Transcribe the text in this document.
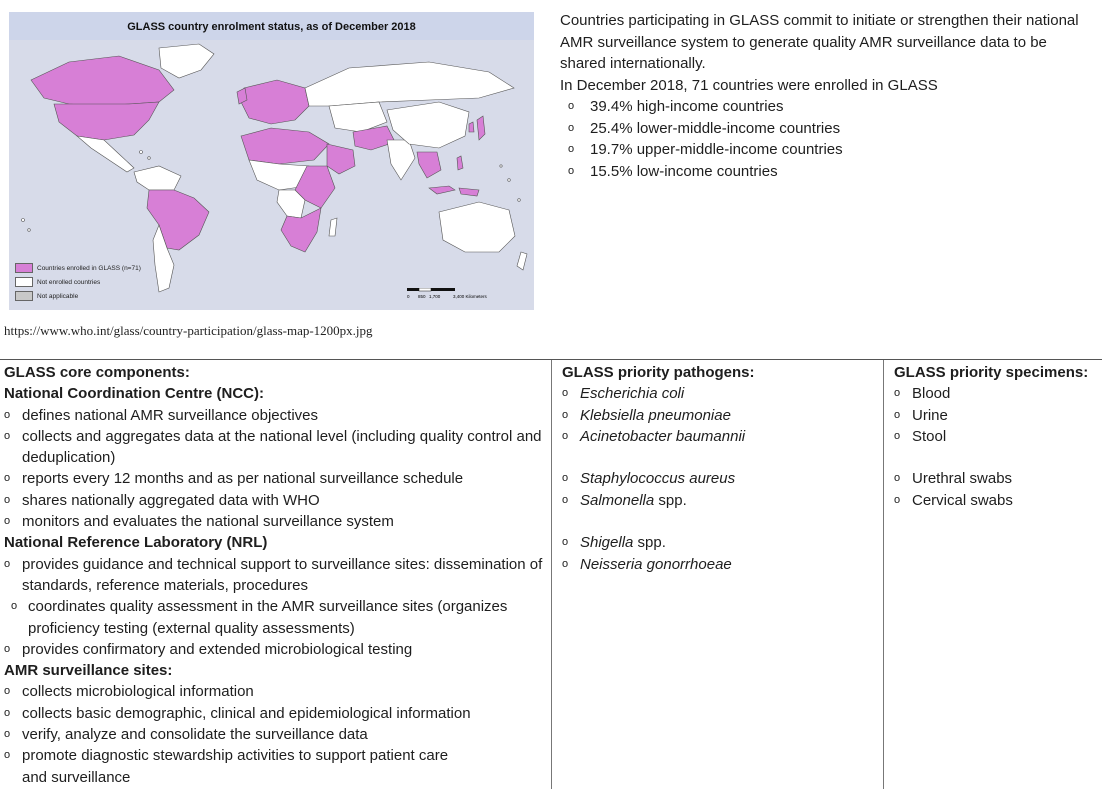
GLASS country enrolment status, as of December 2018
Countries enrolled in GLASS (n=71)
Not enrolled countries
Not applicable	0 850 1,700	3,400 Kilometers
https://www.who.int/glass/country-participation/glass-map-1200px.jpg

Countries participating in GLASS commit to initiate or strengthen their national AMR surveillance system to generate quality AMR surveillance data to be shared internationally.

In December 2018, 71 countries were enrolled in GLASS

o 39.4% high-income countries
o 25.4% lower-middle-income countries
o 19.7% upper-middle-income countries
o 15.5% low-income countries
GLASS core components:
National Coordination Centre (NCC):
o defines national AMR surveillance objectives
o collects and aggregates data at the national level (including quality control and deduplication)
o reports every 12 months and as per national surveillance schedule
o shares nationally aggregated data with WHO
o monitors and evaluates the national surveillance system
National Reference Laboratory (NRL)
o provides guidance and technical support to surveillance sites: dissemination of standards, reference materials, procedures
o coordinates quality assessment in the AMR surveillance sites (organizes proficiency testing (external quality assessments)
o provides confirmatory and extended microbiological testing
AMR surveillance sites:
o collects microbiological information
o collects basic demographic, clinical and epidemiological information
o verify, analyze and consolidate the surveillance data
o promote diagnostic stewardship activities to support patient care and surveillance
GLASS priority pathogens:
o Escherichia coli
o Klebsiella pneumoniae
o Acinetobacter baumannii
o Staphylococcus aureus
o Salmonella spp.
o Shigella spp.
o Neisseria gonorrhoeae
GLASS priority specimens:
o Blood
o Urine
o Stool
o Urethral swabs
o Cervical swabs
